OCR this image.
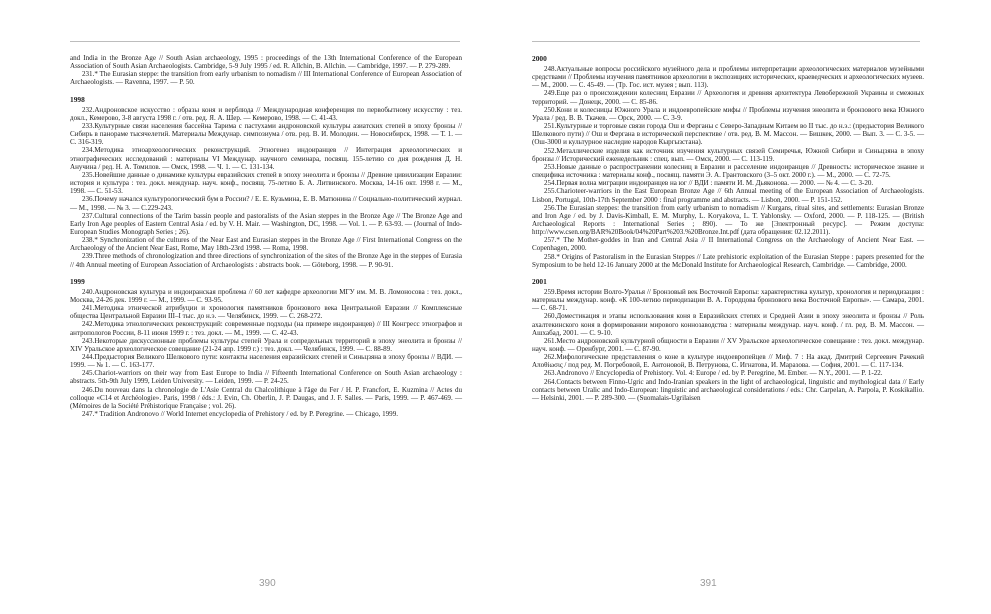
and India in the Bronze Age // South Asian archaeology, 1995 : proceedings of the 13th International Conference of the European Association of South Asian Archaeologists. Cambridge, 5-9 July 1995 / ed. R. Allchin, B. Allchin. — Cambridge, 1997. — P. 279-289.

231.* The Eurasian steppe: the transition from early urbanism to nomadism // III International Conference of European Association of Archaeologists. — Ravenna, 1997. — P. 50.

1998

232.Андроновское искусство : образы коня и верблюда // Международная конференция по первобытному искусству : тез. докл., Кемерово, 3-8 августа 1998 г. / отв. ред. Я. А. Шер. — Кемерово, 1998. — С. 41-43.

233.Культурные связи населения бассейна Тарима с пастухами андроновской культуры азиатских степей в эпоху бронзы // Сибирь в панораме тысячелетий. Материалы Междунар. симпозиума / отв. ред. В. И. Молодин. — Новосибирск, 1998. — Т. 1. — С. 316-319.

234.Методика этноархеологических реконструкций. Этногенез индоиранцев // Интеграция археологических и этнографических исследований : материалы VI Междунар. научного семинара, посвящ. 155-летию со дня рождения Д. Н. Анучина / ред. Н. А. Томилов. — Омск, 1998. — Ч. 1. — С. 131-134.

235.Новейшие данные о динамике культуры евразийских степей в эпоху энеолита и бронзы // Древние цивилизации Евразии: история и культура : тез. докл. междунар. науч. конф., посвящ. 75-летию Б. А. Литвинского. Москва, 14-16 окт. 1998 г. — М., 1998. — С. 51-53.

236.Почему начался культурологический бум в России? / Е. Е. Кузьмина, Е. В. Матюнина // Социально-политический журнал. — М., 1998. — № 3. — С.229-243.

237.Cultural connections of the Tarim bassin people and pastoralists of the Asian steppes in the Bronze Age // The Bronze Age and Early Iron Age peoples of Eastern Central Asia / ed. by V. H. Mair. — Washington, DC, 1998. — Vol. 1. — P. 63-93. — (Journal of Indo-European Studies Monograph Series ; 26).

238.* Synchronization of the cultures of the Near East and Eurasian steppes in the Bronze Age // First International Congress on the Archaeology of the Ancient Near East, Rome, May 18th-23rd 1998. — Roma, 1998.

239.Three methods of chronologization and three directions of synchronization of the sites of the Bronze Age in the steppes of Eurasia // 4th Annual meeting of European Association of Archaeologists : abstracts book. — Göteborg, 1998. — P. 90-91.

1999

240.Андроновская культура и индоиранская проблема // 60 лет кафедре археологии МГУ им. М. В. Ломоносова : тез. докл., Москва, 24-26 дек. 1999 г. — М., 1999. — С. 93-95.

241.Методика этнической атрибуции и хронология памятников бронзового века Центральной Евразии // Комплексные общества Центральной Евразии III–I тыс. до н.э. — Челябинск, 1999. — С. 268-272.

242.Методика этнологических реконструкций: современные подходы (на примере индоиранцев) // III Конгресс этнографов и антропологов России, 8-11 июня 1999 г. : тез. докл. — М., 1999. — С. 42-43.

243.Некоторые дискуссионные проблемы культуры степей Урала и сопредельных территорий в эпоху энеолита и бронзы // XIV Уральское археологическое совещание (21-24 апр. 1999 г.) : тез. докл. — Челябинск, 1999. — С. 88-89.

244.Предыстория Великого Шелкового пути: контакты населения евразийских степей и Синьцзяна в эпоху бронзы // ВДИ. — 1999. — № 1. — С. 163-177.

245.Chariot-warriors on their way from East Europe to India // Fifteenth International Conference on South Asian archaeology : abstracts. 5th-9th July 1999, Leiden University. — Leiden, 1999. — P. 24-25.

246.Du nouveau dans la chronologie de L'Asie Central du Chalcolithique à l'âge du Fer / H. P. Francfort, E. Kuzmina // Actes du colloque «C14 et Archéologie». Paris, 1998 / éds.: J. Evin, Ch. Oberlin, J. P. Daugas, and J. F. Salles. — Paris, 1999. — P. 467-469. — (Mémoires de la Société Préhistorique Française ; vol. 26).

247.* Tradition Andronovo // World Internet encyclopedia of Prehistory / ed. by P. Peregrine. — Chicago, 1999.

390
2000

248.Актуальные вопросы российского музейного дела и проблемы интерпретации археологических материалов музейными средствами // Проблемы изучения памятников археологии в экспозициях исторических, краеведческих и археологических музеев. — М., 2000. — С. 45-49. — (Тр. Гос. ист. музея ; вып. 113).

249.Еще раз о происхождении колесниц Евразии // Археология и древняя архитектура Левобережной Украины и смежных территорий. — Донецк, 2000. — С. 85-86.

250.Кони и колесницы Южного Урала и индоевропейские мифы // Проблемы изучения энеолита и бронзового века Южного Урала / ред. В. В. Ткачев. — Орск, 2000. — С. 3-9.

251.Культурные и торговые связи города Ош и Ферганы с Северо-Западным Китаем во II тыс. до н.э.: (предыстория Великого Шелкового пути) // Ош и Фергана в исторической перспективе / отв. ред. В. М. Массон. — Бишкек, 2000. — Вып. 3. — С. 3-5. — (Ош-3000 и культурное наследие народов Кыргызстана).

252.Металлические изделия как источник изучения культурных связей Семиречья, Южной Сибири и Синьцзяна в эпоху бронзы // Исторический еженедельник : спец. вып. — Омск, 2000. — С. 113-119.

253.Новые данные о распространении колесниц в Евразии и расселение индоиранцев // Древность: историческое знание и специфика источника : материалы конф., посвящ. памяти Э. А. Грантовского (3–5 окт. 2000 г.). — М., 2000. — С. 72-75.

254.Первая волна миграции индоиранцев на юг // ВДИ : памяти И. М. Дьяконова. — 2000. — № 4. — С. 3-20.

255.Charioteer-warriors in the East European Bronze Age // 6th Annual meeting of the European Association of Archaeologists. Lisbon, Portugal, 10th-17th September 2000 : final programme and abstracts. — Lisbon, 2000. — P. 151-152.

256.The Eurasian steppes: the transition from early urbanism to nomadism // Kurgans, ritual sites, and settlements: Eurasian Bronze and Iron Age / ed. by J. Davis-Kimball, E. M. Murphy, L. Koryakova, L. T. Yablonsky. — Oxford, 2000. — P. 118-125. — (British Archaeological Reports : International Series ; 890). — То же [Электронный ресурс]. — Режим доступа: http://www.csen.org/BAR%20Book/04%20Part%203.%20Bronze.Int.pdf (дата обращения: 02.12.2011).

257.* The Mother-goddes in Iran and Central Asia // II International Congress on the Archaeology of Ancient Near East. — Copenhagen, 2000.

258.* Origins of Pastoralism in the Eurasian Steppes // Late prehistoric exploitation of the Eurasian Steppe : papers presented for the Symposium to be held 12-16 January 2000 at the McDonald Institute for Archaeological Research, Cambridge. — Cambridge, 2000.

2001

259.Время истории Волго-Уралья // Бронзовый век Восточной Европы: характеристика культур, хронология и периодизация : материалы междунар. конф. «К 100-летию периодизации В. А. Городцова бронзового века Восточной Европы». — Самара, 2001. — С. 68-71.

260.Доместикация и этапы использования коня в Евразийских степях и Средней Азии в эпоху энеолита и бронзы // Роль ахалтекинского коня в формировании мирового коннозаводства : материалы междунар. науч. конф. / гл. ред. В. М. Массон. — Ашхабад, 2001. — С. 9-10.

261.Место андроновской культурной общности в Евразии // XV Уральское археологическое совещание : тез. докл. междунар. науч. конф. — Оренбург, 2001. — С. 87-90.

262.Мифологические представления о коне в культуре индоевропейцев // Миф. 7 : На акад. Дмитрий Сергеевич Рачекий Απoθiωσις / под ред. М. Погребовой, Е. Антоновой, В. Петрунова, С. Игнатова, И. Маразова. — София, 2001. — С. 117-134.

263.Andronovo // Encyclopedia of Prehistory. Vol. 4: Europe / ed. by P. Peregrine, M. Ember. — N.Y., 2001. — P. 1-22.

264.Contacts between Finno-Ugric and Indo-Iranian speakers in the light of archaeological, linguistic and mythological data // Early contacts between Uralic and Indo-European: linguistic and archaeological considerations / eds.: Chr. Carpelan, A. Parpola, P. Koskikallio. — Helsinki, 2001. — P. 289-300. — (Suomalais-Ugrilaisen

391
